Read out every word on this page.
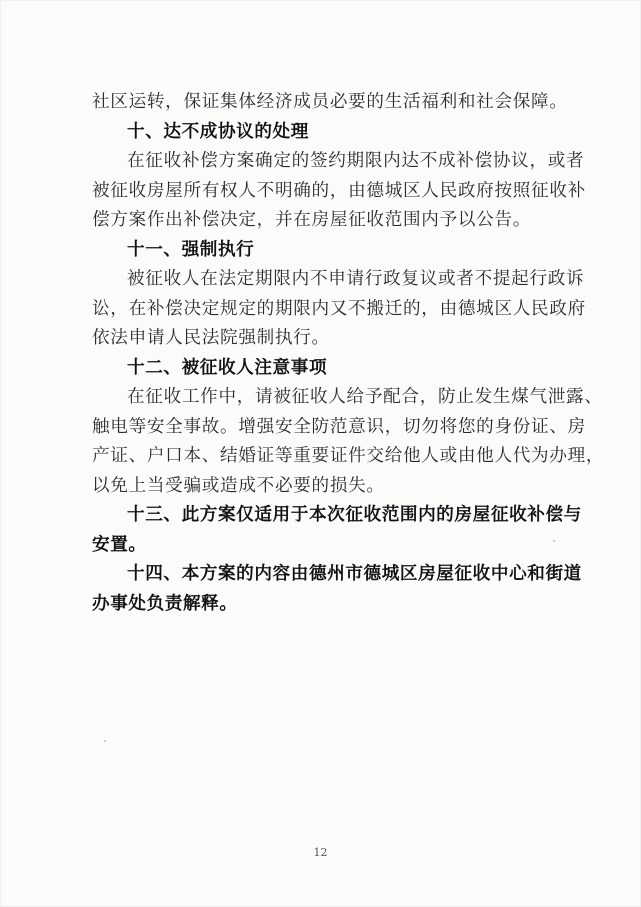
社区运转，保证集体经济成员必要的生活福利和社会保障。
十、达不成协议的处理
在征收补偿方案确定的签约期限内达不成补偿协议，或者
被征收房屋所有权人不明确的，由德城区人民政府按照征收补
偿方案作出补偿决定，并在房屋征收范围内予以公告。
十一、强制执行
被征收人在法定期限内不申请行政复议或者不提起行政诉
讼，在补偿决定规定的期限内又不搬迁的，由德城区人民政府
依法申请人民法院强制执行。
十二、被征收人注意事项
在征收工作中，请被征收人给予配合，防止发生煤气泄露、
触电等安全事故。增强安全防范意识，切勿将您的身份证、房
产证、户口本、结婚证等重要证件交给他人或由他人代为办理，
以免上当受骗或造成不必要的损失。
十三、此方案仅适用于本次征收范围内的房屋征收补偿与
安置。
十四、本方案的内容由德州市德城区房屋征收中心和街道
办事处负责解释。
12
